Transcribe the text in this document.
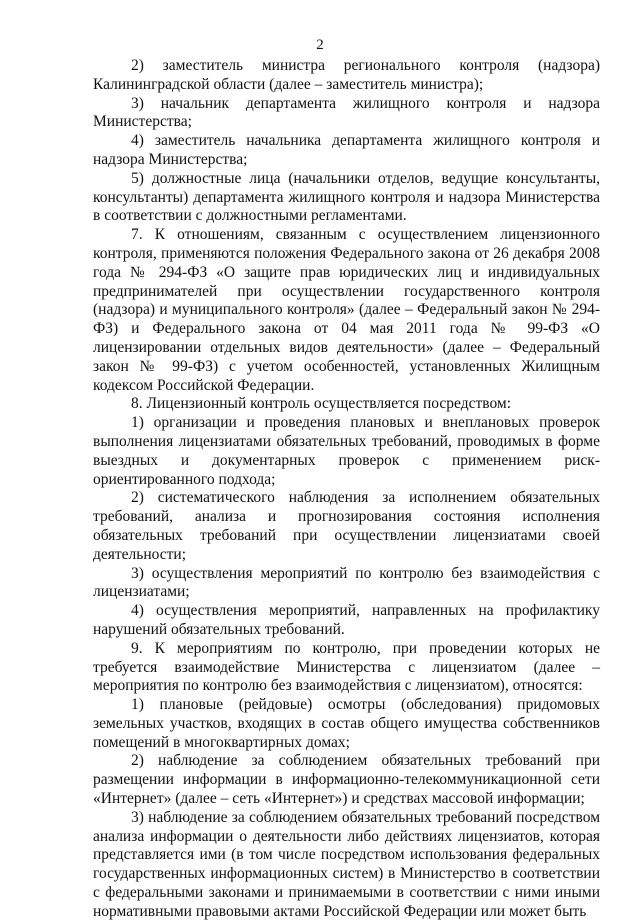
2

2) заместитель министра регионального контроля (надзора) Калининградской области (далее – заместитель министра);

3) начальник департамента жилищного контроля и надзора Министерства;

4) заместитель начальника департамента жилищного контроля и надзора Министерства;

5) должностные лица (начальники отделов, ведущие консультанты, консультанты) департамента жилищного контроля и надзора Министерства в соответствии с должностными регламентами.

7. К отношениям, связанным с осуществлением лицензионного контроля, применяются положения Федерального закона от 26 декабря 2008 года № 294-ФЗ «О защите прав юридических лиц и индивидуальных предпринимателей при осуществлении государственного контроля (надзора) и муниципального контроля» (далее – Федеральный закон № 294-ФЗ) и Федерального закона от 04 мая 2011 года № 99-ФЗ «О лицензировании отдельных видов деятельности» (далее – Федеральный закон № 99-ФЗ) с учетом особенностей, установленных Жилищным кодексом Российской Федерации.

8. Лицензионный контроль осуществляется посредством:

1) организации и проведения плановых и внеплановых проверок выполнения лицензиатами обязательных требований, проводимых в форме выездных и документарных проверок с применением риск-ориентированного подхода;

2) систематического наблюдения за исполнением обязательных требований, анализа и прогнозирования состояния исполнения обязательных требований при осуществлении лицензиатами своей деятельности;

3) осуществления мероприятий по контролю без взаимодействия с лицензиатами;

4) осуществления мероприятий, направленных на профилактику нарушений обязательных требований.

9. К мероприятиям по контролю, при проведении которых не требуется взаимодействие Министерства с лицензиатом (далее – мероприятия по контролю без взаимодействия с лицензиатом), относятся:

1) плановые (рейдовые) осмотры (обследования) придомовых земельных участков, входящих в состав общего имущества собственников помещений в многоквартирных домах;

2) наблюдение за соблюдением обязательных требований при размещении информации в информационно-телекоммуникационной сети «Интернет» (далее – сеть «Интернет») и средствах массовой информации;

3) наблюдение за соблюдением обязательных требований посредством анализа информации о деятельности либо действиях лицензиатов, которая представляется ими (в том числе посредством использования федеральных государственных информационных систем) в Министерство в соответствии с федеральными законами и принимаемыми в соответствии с ними иными нормативными правовыми актами Российской Федерации или может быть
